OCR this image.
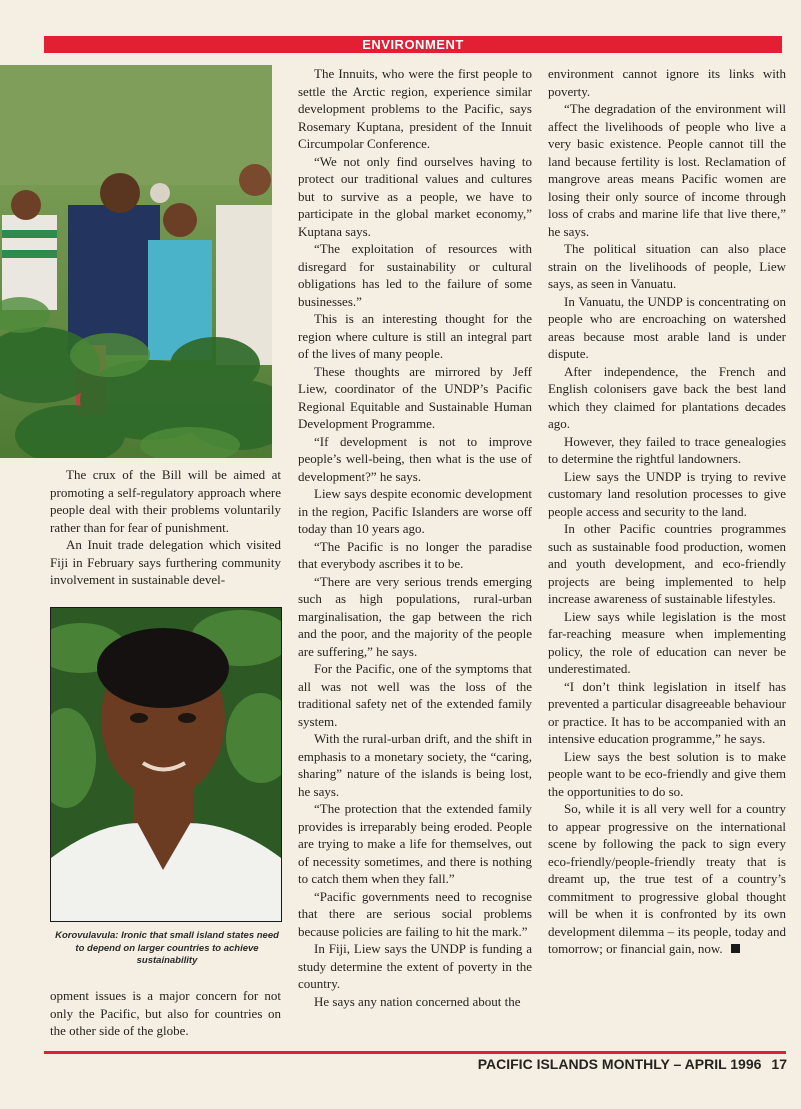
ENVIRONMENT

The crux of the Bill will be aimed at promoting a self-regulatory approach where people deal with their problems voluntarily rather than for fear of punishment.

An Inuit trade delegation which visited Fiji in February says furthering community involvement in sustainable devel-

Korovulavula: Ironic that small island states need to depend on larger countries to achieve sustainability

opment issues is a major concern for not only the Pacific, but also for countries on the other side of the globe.

The Innuits, who were the first people to settle the Arctic region, experience similar development problems to the Pacific, says Rosemary Kuptana, president of the Innuit Circumpolar Conference.

“We not only find ourselves having to protect our traditional values and cultures but to survive as a people, we have to participate in the global market economy,” Kuptana says.

“The exploitation of resources with disregard for sustainability or cultural obligations has led to the failure of some businesses.”

This is an interesting thought for the region where culture is still an integral part of the lives of many people.

These thoughts are mirrored by Jeff Liew, coordinator of the UNDP’s Pacific Regional Equitable and Sustainable Human Development Programme.

“If development is not to improve people’s well-being, then what is the use of development?” he says.

Liew says despite economic development in the region, Pacific Islanders are worse off today than 10 years ago.

“The Pacific is no longer the paradise that everybody ascribes it to be.

“There are very serious trends emerging such as high populations, rural-urban marginalisation, the gap between the rich and the poor, and the majority of the people are suffering,” he says.

For the Pacific, one of the symptoms that all was not well was the loss of the traditional safety net of the extended family system.

With the rural-urban drift, and the shift in emphasis to a monetary society, the “caring, sharing” nature of the islands is being lost, he says.

“The protection that the extended family provides is irreparably being eroded. People are trying to make a life for themselves, out of necessity sometimes, and there is nothing to catch them when they fall.”

“Pacific governments need to recognise that there are serious social problems because policies are failing to hit the mark.”

In Fiji, Liew says the UNDP is funding a study determine the extent of poverty in the country.

He says any nation concerned about the

environment cannot ignore its links with poverty.

“The degradation of the environment will affect the livelihoods of people who live a very basic existence. People cannot till the land because fertility is lost. Reclamation of mangrove areas means Pacific women are losing their only source of income through loss of crabs and marine life that live there,” he says.

The political situation can also place strain on the livelihoods of people, Liew says, as seen in Vanuatu.

In Vanuatu, the UNDP is concentrating on people who are encroaching on watershed areas because most arable land is under dispute.

After independence, the French and English colonisers gave back the best land which they claimed for plantations decades ago.

However, they failed to trace genealogies to determine the rightful landowners.

Liew says the UNDP is trying to revive customary land resolution processes to give people access and security to the land.

In other Pacific countries programmes such as sustainable food production, women and youth development, and eco-friendly projects are being implemented to help increase awareness of sustainable lifestyles.

Liew says while legislation is the most far-reaching measure when implementing policy, the role of education can never be underestimated.

“I don’t think legislation in itself has prevented a particular disagreeable behaviour or practice. It has to be accompanied with an intensive education programme,” he says.

Liew says the best solution is to make people want to be eco-friendly and give them the opportunities to do so.

So, while it is all very well for a country to appear progressive on the international scene by following the pack to sign every eco-friendly/people-friendly treaty that is dreamt up, the true test of a country’s commitment to progressive global thought will be when it is confronted by its own development dilemma – its people, today and tomorrow; or financial gain, now.

PACIFIC ISLANDS MONTHLY – APRIL 1996 17
